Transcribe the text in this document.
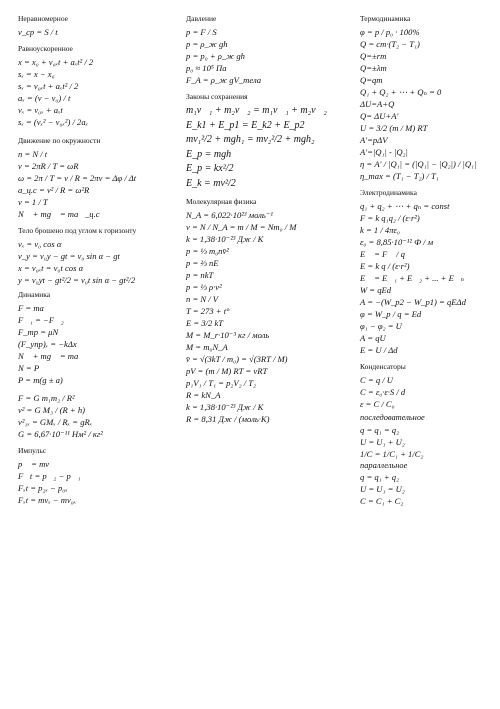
Неравномерное
v_ср = S / t
Равноускоренное
x = x₀ + v₀ₓt + aₓt² / 2
sₓ = x − x₀
sₓ = v₀ₓt + aₓt² / 2
aₓ = (v − v₀) / t
vₓ = v₀ₓ + aₓt
sₓ = (vₓ² − v₀ₓ²) / 2aₓ
Движение по окружности
n = N / t
v = 2πR / T = ωR
ω = 2π / T = v / R = 2πν = Δφ / Δt
a_ц.с = v² / R = ω²R
ν = 1 / T
N⃗ + mg⃗ = ma⃗_ц.с
Тело брошено под углом к горизонту
vₓ = v₀ cos α
v_y = v₀y − gt = v₀ sin α − gt
x = v₀ₓt = v₀t cos α
y = v₀yt − gt²/2 = v₀t sin α − gt²/2
Динамика
F = ma
F⃗₁ = −F⃗₂
F_тр = μN
(F_упр)ₓ = −kΔx
N⃗ + mg⃗ = ma⃗
N = P
P = m(g ± a)
F = G m₁m₂ / R²
v² = G M₃ / (R + h)
v²₁ₓ = GMₓ / Rₓ = gRₓ
G = 6,67·10⁻¹¹ Нм² / кг²
Импульс
p⃗ = mv⃗
F⃗t = p⃗₂ − p⃗₁
Fₓt = p₂ₓ − p₀ₓ
Fₓt = mvₓ − mv₀ₓ
Давление
p = F / S
p = ρ_ж gh
p = p₀ + ρ_ж gh
p₀ ≈ 10⁵ Па
F_A = ρ_ж gV_тела
Законы сохранения
m₁v⃗₁ + m₂v⃗₂ = m₁v⃗₁ + m₂v⃗₂
E_k1 + E_p1 = E_k2 + E_p2
mv₁²/2 + mgh₁ = mv₂²/2 + mgh₂
E_p = mgh
E_p = kx²/2
E_k = mv²/2
Молекулярная физика
N_A = 6,022·10²³ моль⁻¹
ν = N / N_A = m / M = Nm₀ / M
k = 1,38·10⁻²³ Дж / K
p = ⅓ m₀nv̄²
p = ⅔ nE
p = nkT
p = ⅓ ρ·v²
n = N / V
T = 273 + t°
E = 3/2 kT
M = M_r·10⁻³ кг / моль
M = m₀N_A
v̄ = √(3kT / m₀) = √(3RT / M)
pV = (m / M) RT = νRT
p₁V₁ / T₁ = p₂V₂ / T₂
R = kN_A
k = 1,38·10⁻²³ Дж / K
R = 8,31 Дж / (моль·K)
Термодинамика
φ = p / p₀ · 100%
Q = cm·(T₂ − T₁)
Q=±rm
Q=±λm
Q=qm
Q₁ + Q₂ + ⋯ + Qₙ = 0
ΔU=A+Q
Q= ΔU+A'
U = 3/2 (m / M) RT
A'=pΔV
A'=|Q₁| - |Q₂|
η = A' / |Q₁| = (|Q₁| − |Q₂|) / |Q₁|
η_max = (T₁ − T₂) / T₁
Электродинамика
q₁ + q₂ + ⋯ + qₙ = const
F = k q₁q₂ / (ε·r²)
k = 1 / 4πε₀
ε₀ = 8,85·10⁻¹² Ф / м
E⃗ = F⃗ / q
E = k q / (ε·r²)
E⃗ = E⃗₁ + E⃗₂ + ... + E⃗ₙ
W = qEd
A = −(W_p2 − W_p1) = qEΔd
φ = W_p / q = Ed
φ₁ − φ₂ = U
A = qU
E = U / Δd
Конденсаторы
C = q / U
C = ε₀·ε·S / d
ε = C / C₀
последовательное
q = q₁ = q₂
U = U₁ + U₂
1/C = 1/C₁ + 1/C₂
параллельное
q = q₁ + q₂
U = U₁ = U₂
C = C₁ + C₂
